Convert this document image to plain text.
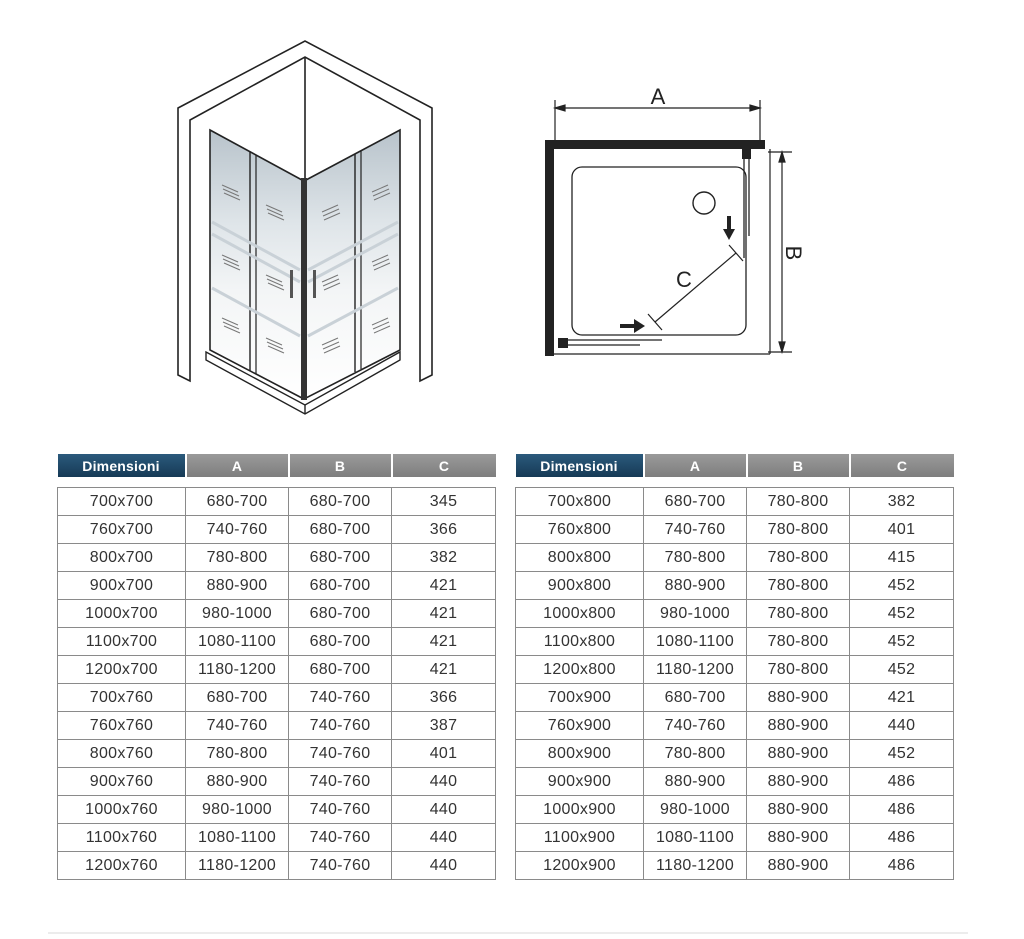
A
C
B
Dimensioni	A	B	C

700x700	680-700	680-700	345
760x700	740-760	680-700	366
800x700	780-800	680-700	382
900x700	880-900	680-700	421
1000x700	980-1000	680-700	421
1100x700	1080-1100	680-700	421
1200x700	1180-1200	680-700	421
700x760	680-700	740-760	366
760x760	740-760	740-760	387
800x760	780-800	740-760	401
900x760	880-900	740-760	440
1000x760	980-1000	740-760	440
1100x760	1080-1100	740-760	440
1200x760	1180-1200	740-760	440
Dimensioni	A	B	C

700x800	680-700	780-800	382
760x800	740-760	780-800	401
800x800	780-800	780-800	415
900x800	880-900	780-800	452
1000x800	980-1000	780-800	452
1100x800	1080-1100	780-800	452
1200x800	1180-1200	780-800	452
700x900	680-700	880-900	421
760x900	740-760	880-900	440
800x900	780-800	880-900	452
900x900	880-900	880-900	486
1000x900	980-1000	880-900	486
1100x900	1080-1100	880-900	486
1200x900	1180-1200	880-900	486
